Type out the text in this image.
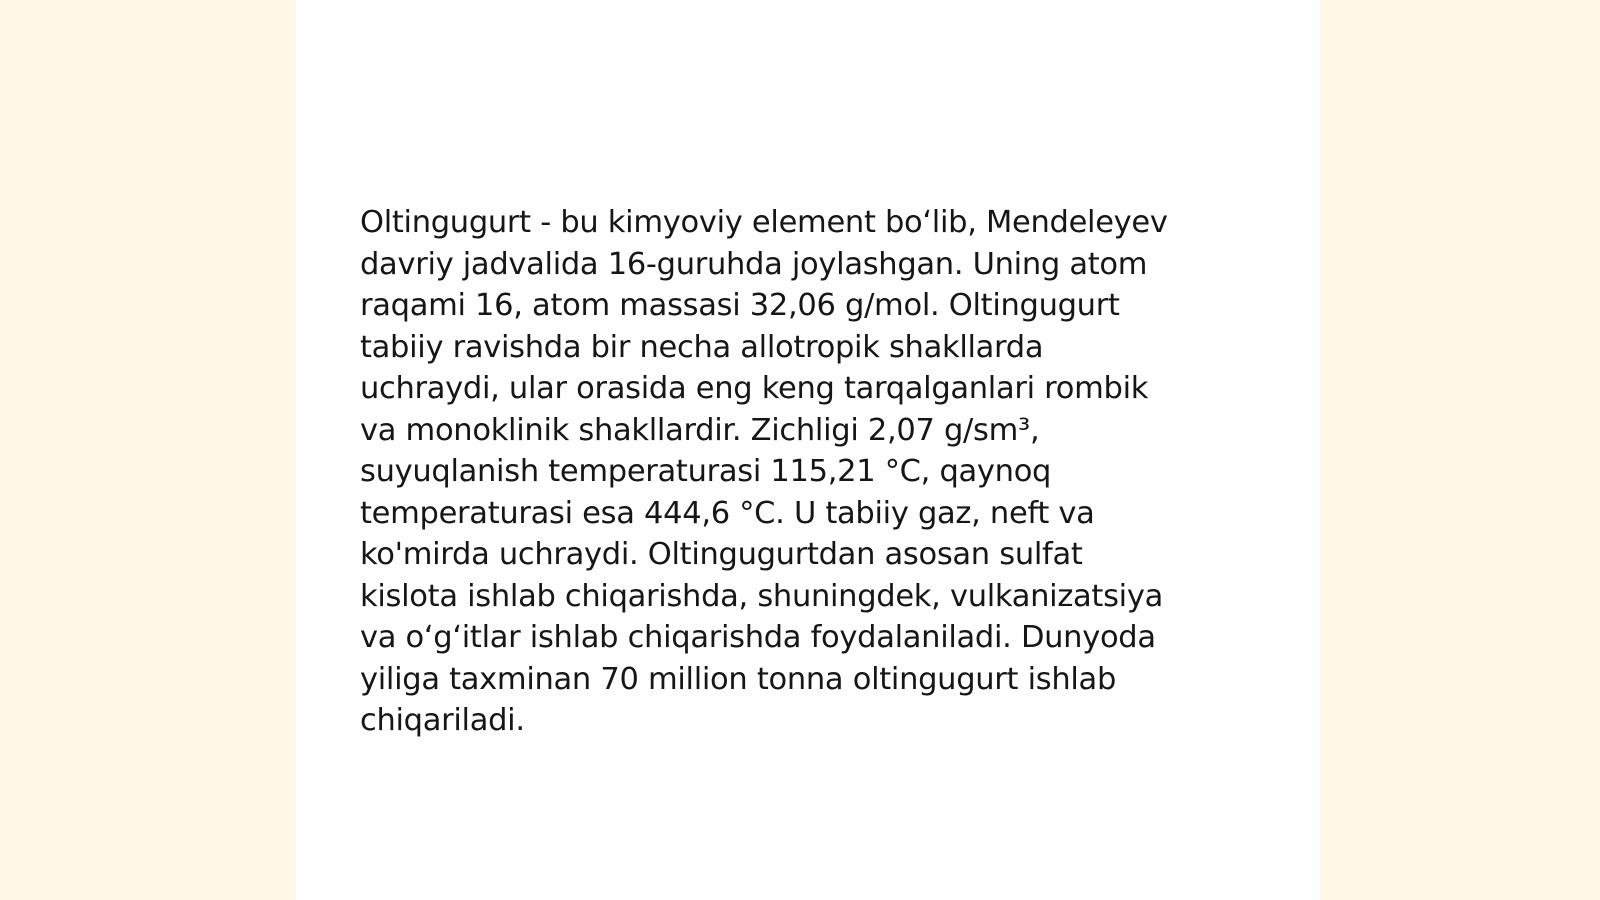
Oltingugurt - bu kimyoviy element bo‘lib, Mendeleyev
davriy jadvalida 16-guruhda joylashgan. Uning atom
raqami 16, atom massasi 32,06 g/mol. Oltingugurt
tabiiy ravishda bir necha allotropik shakllarda
uchraydi, ular orasida eng keng tarqalganlari rombik
va monoklinik shakllardir. Zichligi 2,07 g/sm³,
suyuqlanish temperaturasi 115,21 °C, qaynoq
temperaturasi esa 444,6 °C. U tabiiy gaz, neft va
ko'mirda uchraydi. Oltingugurtdan asosan sulfat
kislota ishlab chiqarishda, shuningdek, vulkanizatsiya
va o‘g‘itlar ishlab chiqarishda foydalaniladi. Dunyoda
yiliga taxminan 70 million tonna oltingugurt ishlab
chiqariladi.
